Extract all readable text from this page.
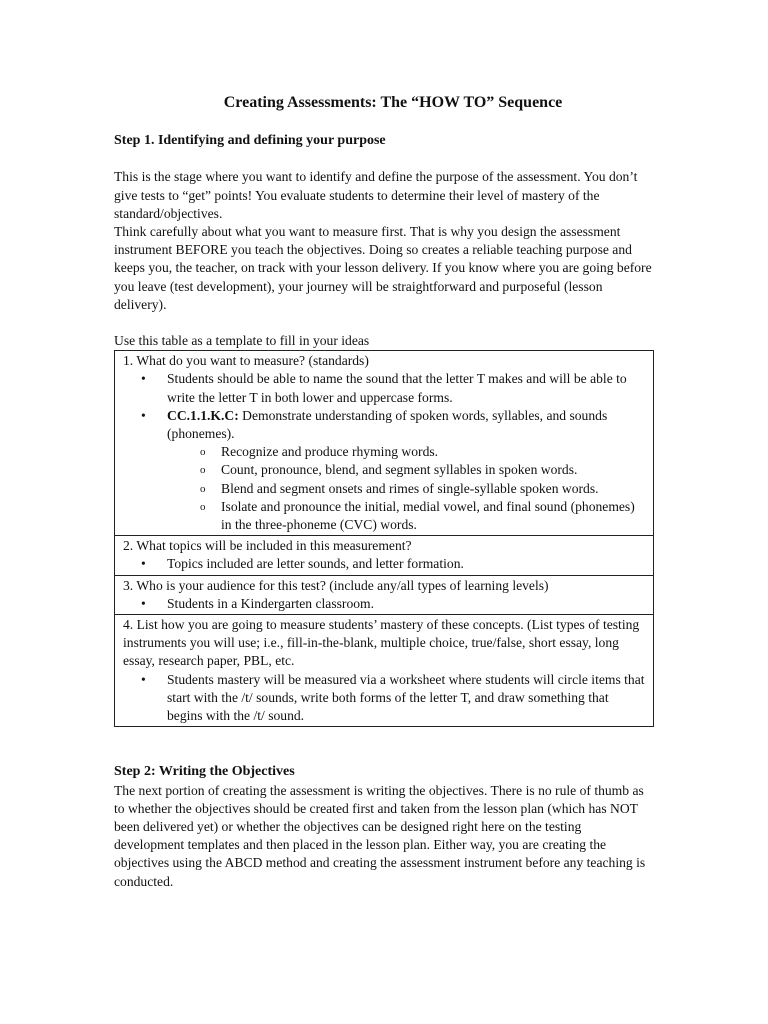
Creating Assessments: The “HOW TO” Sequence

Step 1. Identifying and defining your purpose

This is the stage where you want to identify and define the purpose of the assessment. You don’t give tests to “get” points! You evaluate students to determine their level of mastery of the standard/objectives.

Think carefully about what you want to measure first. That is why you design the assessment instrument BEFORE you teach the objectives. Doing so creates a reliable teaching purpose and keeps you, the teacher, on track with your lesson delivery. If you know where you are going before you leave (test development), your journey will be straightforward and purposeful (lesson delivery).

Use this table as a template to fill in your ideas

1. What do you want to measure? (standards)
• Students should be able to name the sound that the letter T makes and will be able to write the letter T in both lower and uppercase forms.
• CC.1.1.K.C: Demonstrate understanding of spoken words, syllables, and sounds (phonemes).
o Recognize and produce rhyming words.
o Count, pronounce, blend, and segment syllables in spoken words.
o Blend and segment onsets and rimes of single-syllable spoken words.
o Isolate and pronounce the initial, medial vowel, and final sound (phonemes) in the three-phoneme (CVC) words.

2. What topics will be included in this measurement?
• Topics included are letter sounds, and letter formation.

3. Who is your audience for this test? (include any/all types of learning levels)
• Students in a Kindergarten classroom.

4. List how you are going to measure students’ mastery of these concepts. (List types of testing instruments you will use; i.e., fill-in-the-blank, multiple choice, true/false, short essay, long essay, research paper, PBL, etc.
• Students mastery will be measured via a worksheet where students will circle items that start with the /t/ sounds, write both forms of the letter T, and draw something that begins with the /t/ sound.

Step 2: Writing the Objectives

The next portion of creating the assessment is writing the objectives. There is no rule of thumb as to whether the objectives should be created first and taken from the lesson plan (which has NOT been delivered yet) or whether the objectives can be designed right here on the testing development templates and then placed in the lesson plan. Either way, you are creating the objectives using the ABCD method and creating the assessment instrument before any teaching is conducted.
